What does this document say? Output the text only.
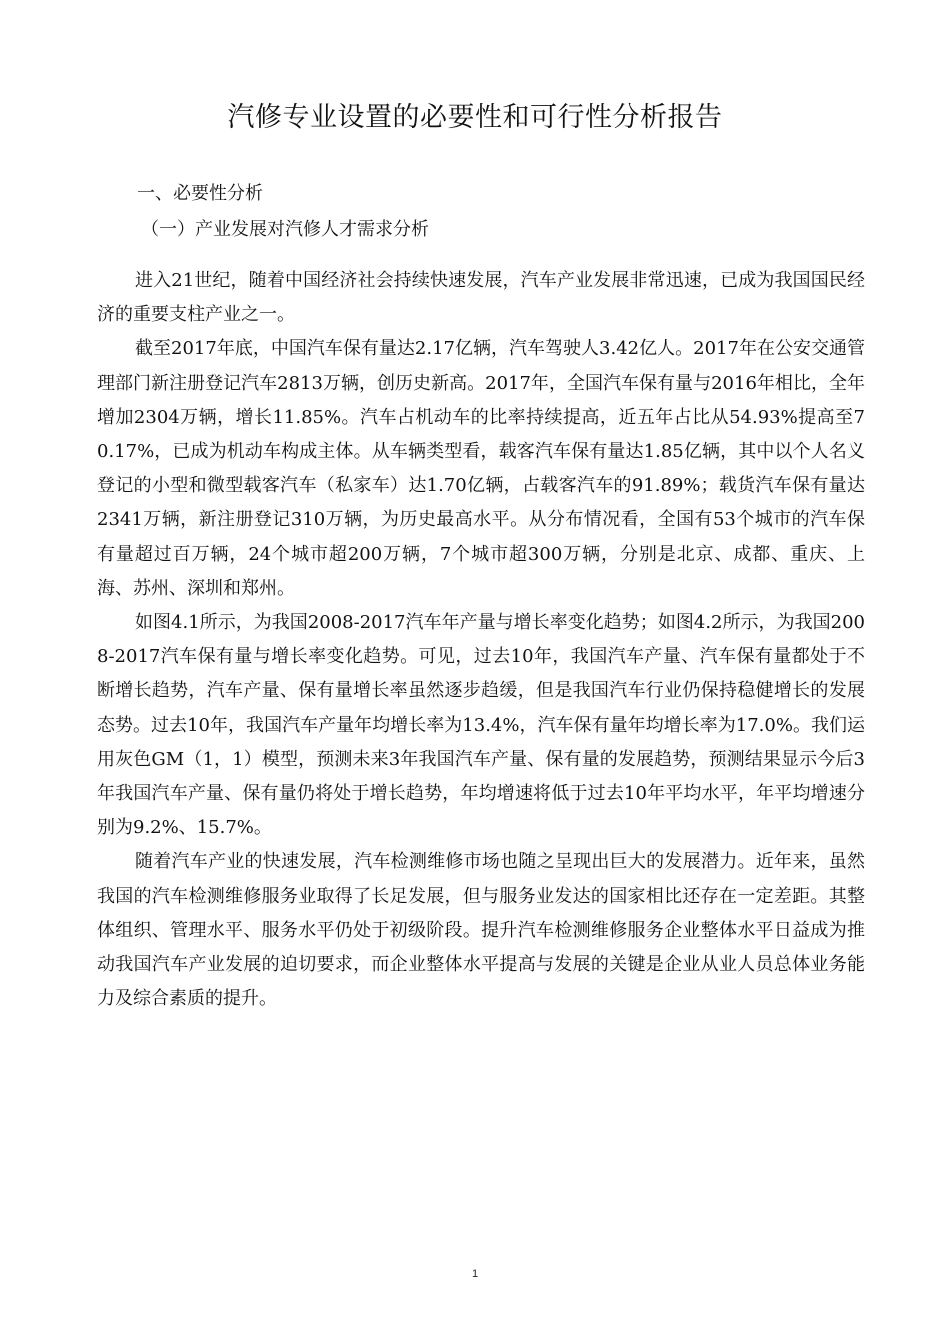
汽修专业设置的必要性和可行性分析报告
一、必要性分析
（一）产业发展对汽修人才需求分析

进入21世纪，随着中国经济社会持续快速发展，汽车产业发展非常迅速，已成为我国国民经济的重要支柱产业之一。

截至2017年底，中国汽车保有量达2.17亿辆，汽车驾驶人3.42亿人。2017年在公安交通管理部门新注册登记汽车2813万辆，创历史新高。2017年，全国汽车保有量与2016年相比，全年增加2304万辆，增长11.85%。汽车占机动车的比率持续提高，近五年占比从54.93%提高至70.17%，已成为机动车构成主体。从车辆类型看，载客汽车保有量达1.85亿辆，其中以个人名义登记的小型和微型载客汽车（私家车）达1.70亿辆，占载客汽车的91.89%；载货汽车保有量达2341万辆，新注册登记310万辆，为历史最高水平。从分布情况看，全国有53个城市的汽车保有量超过百万辆，24个城市超200万辆，7个城市超300万辆，分别是北京、成都、重庆、上海、苏州、深圳和郑州。

如图4.1所示，为我国2008-2017汽车年产量与增长率变化趋势；如图4.2所示，为我国2008-2017汽车保有量与增长率变化趋势。可见，过去10年，我国汽车产量、汽车保有量都处于不断增长趋势，汽车产量、保有量增长率虽然逐步趋缓，但是我国汽车行业仍保持稳健增长的发展态势。过去10年，我国汽车产量年均增长率为13.4%，汽车保有量年均增长率为17.0%。我们运用灰色GM（1，1）模型，预测未来3年我国汽车产量、保有量的发展趋势，预测结果显示今后3年我国汽车产量、保有量仍将处于增长趋势，年均增速将低于过去10年平均水平，年平均增速分别为9.2%、15.7%。

随着汽车产业的快速发展，汽车检测维修市场也随之呈现出巨大的发展潜力。近年来，虽然我国的汽车检测维修服务业取得了长足发展，但与服务业发达的国家相比还存在一定差距。其整体组织、管理水平、服务水平仍处于初级阶段。提升汽车检测维修服务企业整体水平日益成为推动我国汽车产业发展的迫切要求，而企业整体水平提高与发展的关键是企业从业人员总体业务能力及综合素质的提升。

1
